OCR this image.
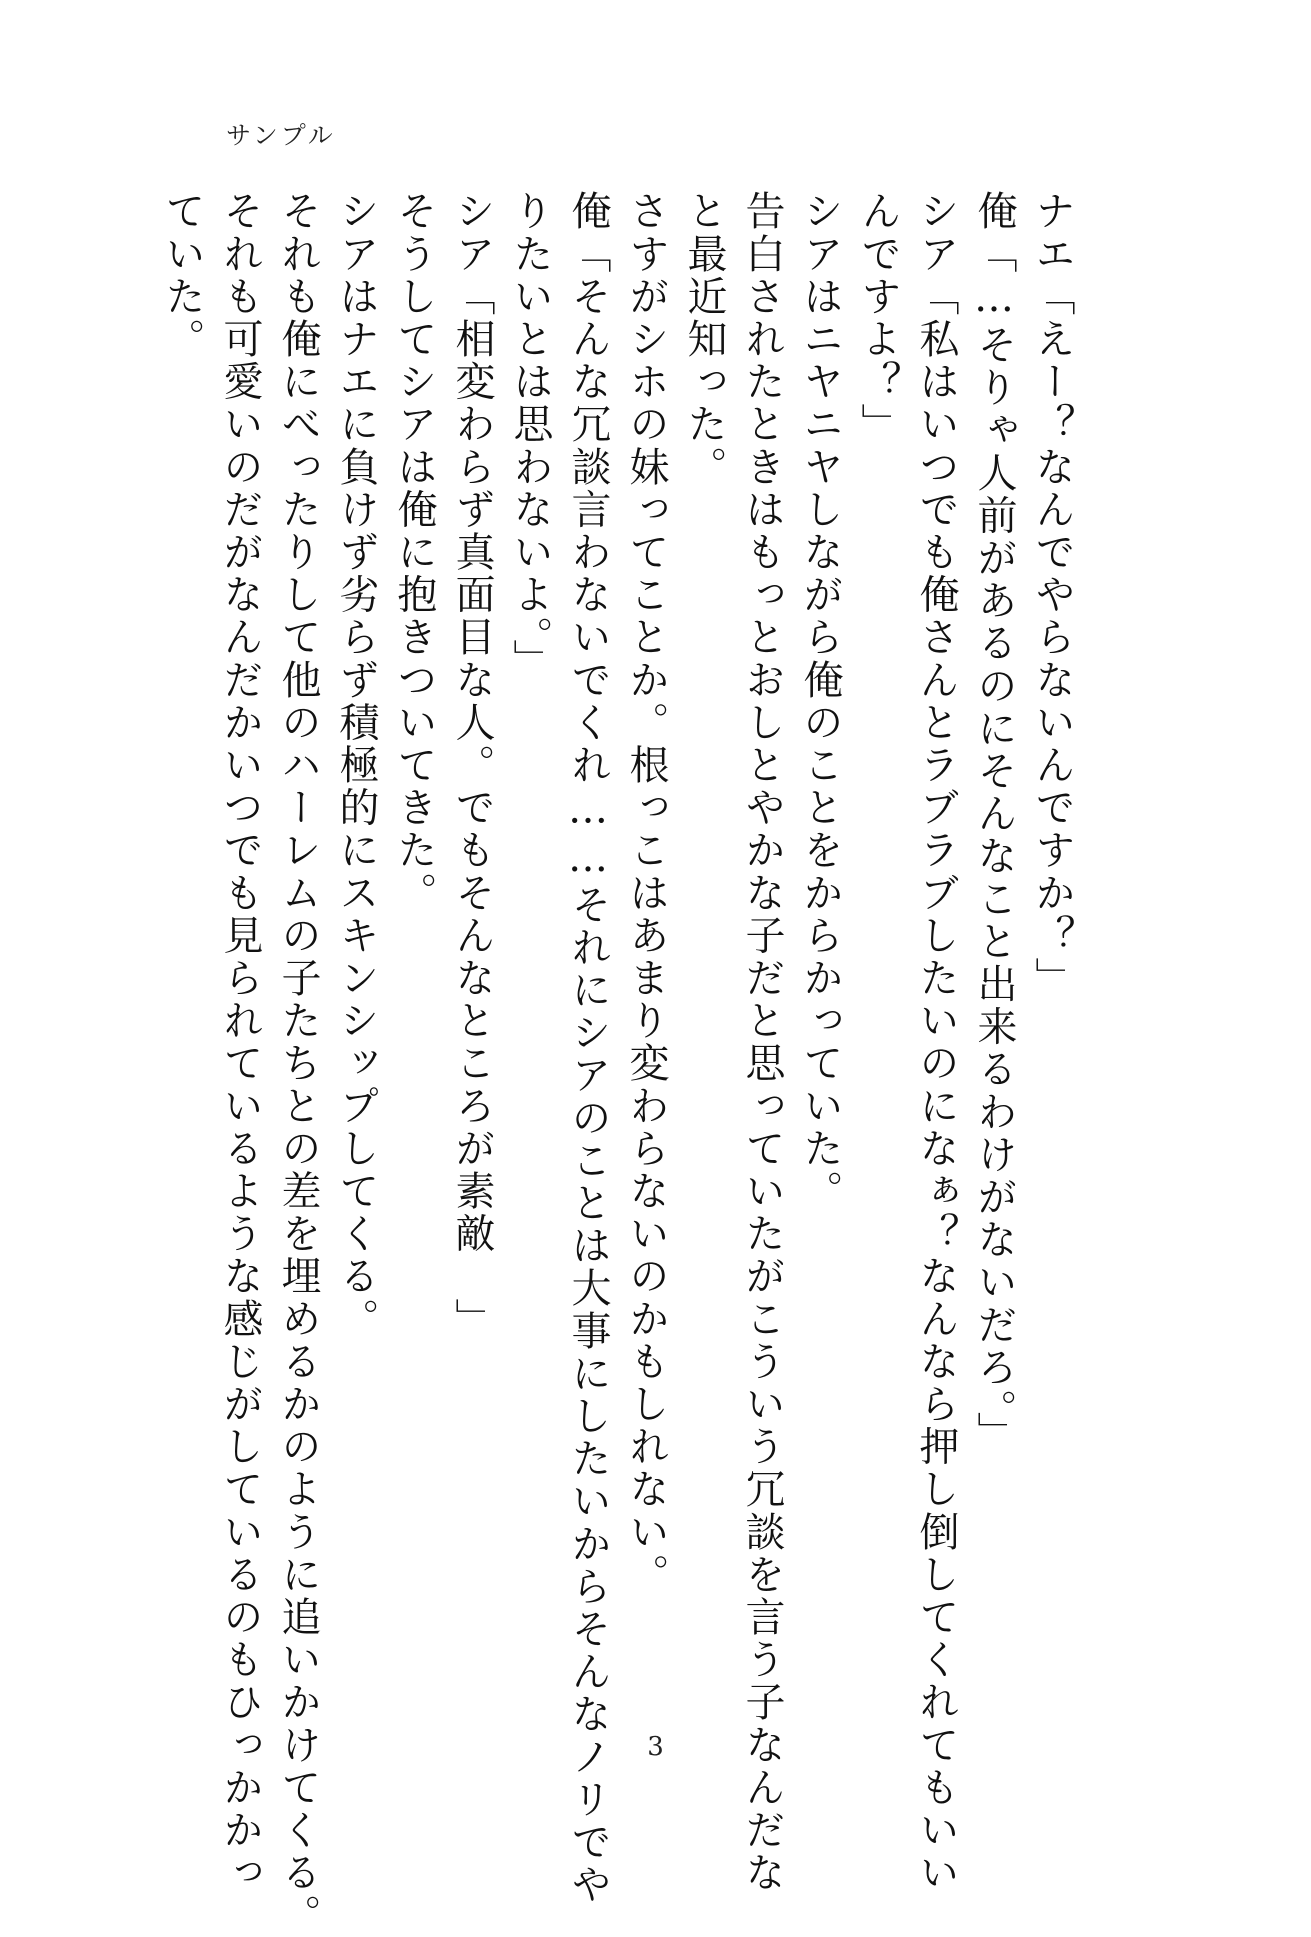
サンプル
ナエ「えー？なんでやらないんですか？」
俺「…そりゃ人前があるのにそんなこと出来るわけがないだろ。」
シア「私はいつでも俺さんとラブラブしたいのになぁ？なんなら押し倒してくれてもいい
んですよ？」
シアはニヤニヤしながら俺のことをからかっていた。
告白されたときはもっとおしとやかな子だと思っていたがこういう冗談を言う子なんだな
と最近知った。
さすがシホの妹ってことか。根っこはあまり変わらないのかもしれない。
俺「そんな冗談言わないでくれ……それにシアのことは大事にしたいからそんなノリでや
りたいとは思わないよ。」
シア「相変わらず真面目な人。でもそんなところが素敵　」
そうしてシアは俺に抱きついてきた。
シアはナエに負けず劣らず積極的にスキンシップしてくる。
それも俺にべったりして他のハーレムの子たちとの差を埋めるかのように追いかけてくる。
それも可愛いのだがなんだかいつでも見られているような感じがしているのもひっかかっ
ていた。
3
